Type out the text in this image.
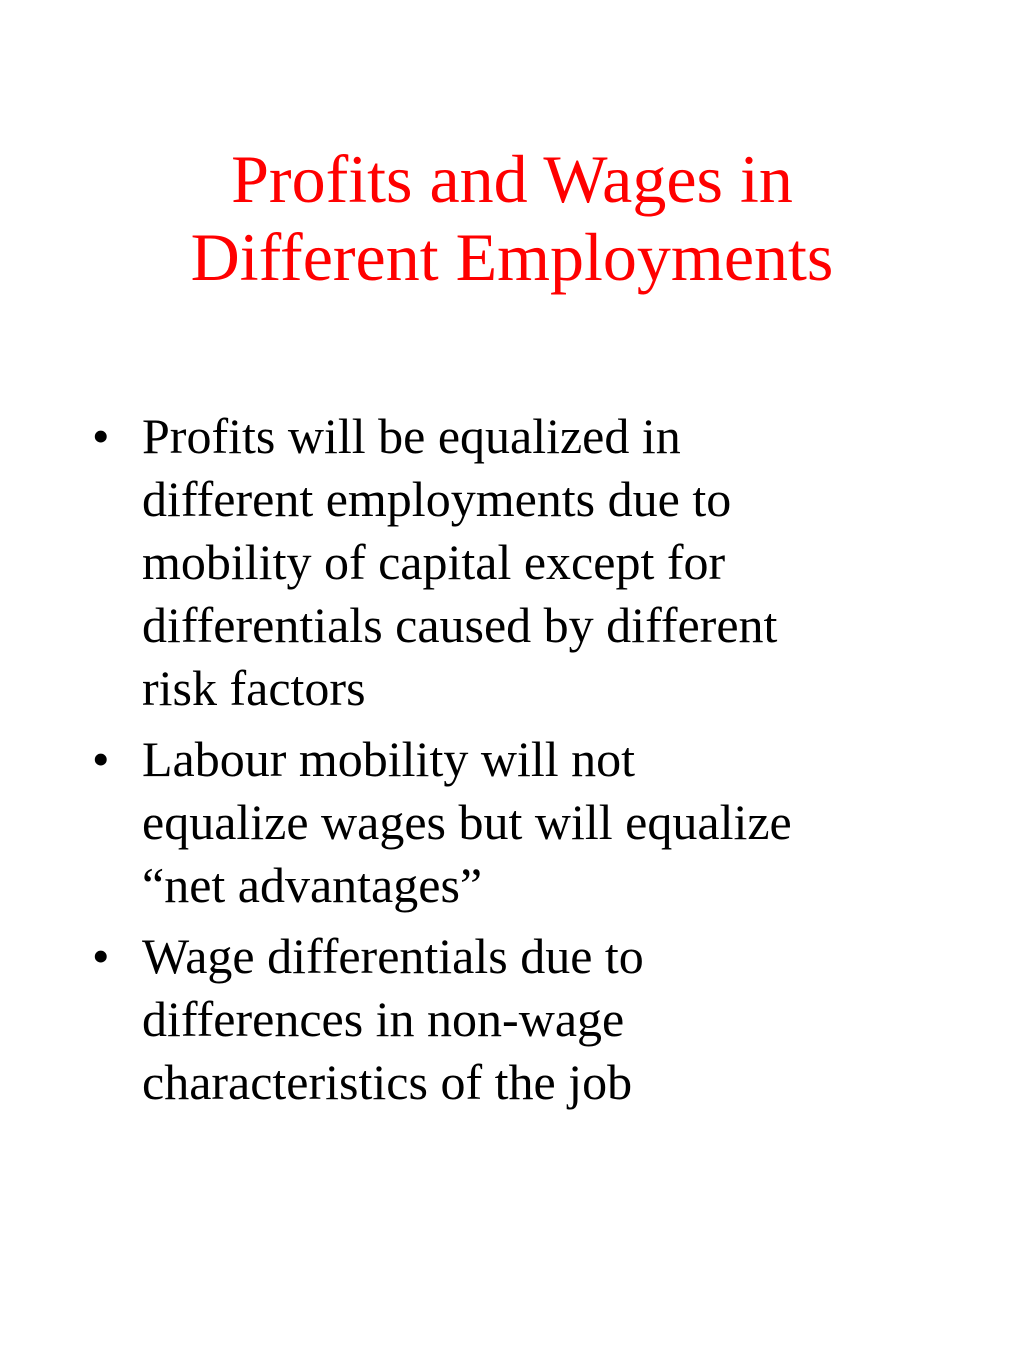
Profits and Wages in
Different Employments
• Profits will be equalized in
different employments due to
mobility of capital except for
differentials caused by different
risk factors
• Labour mobility will not
equalize wages but will equalize
“net advantages”
• Wage differentials due to
differences in non-wage
characteristics of the job
